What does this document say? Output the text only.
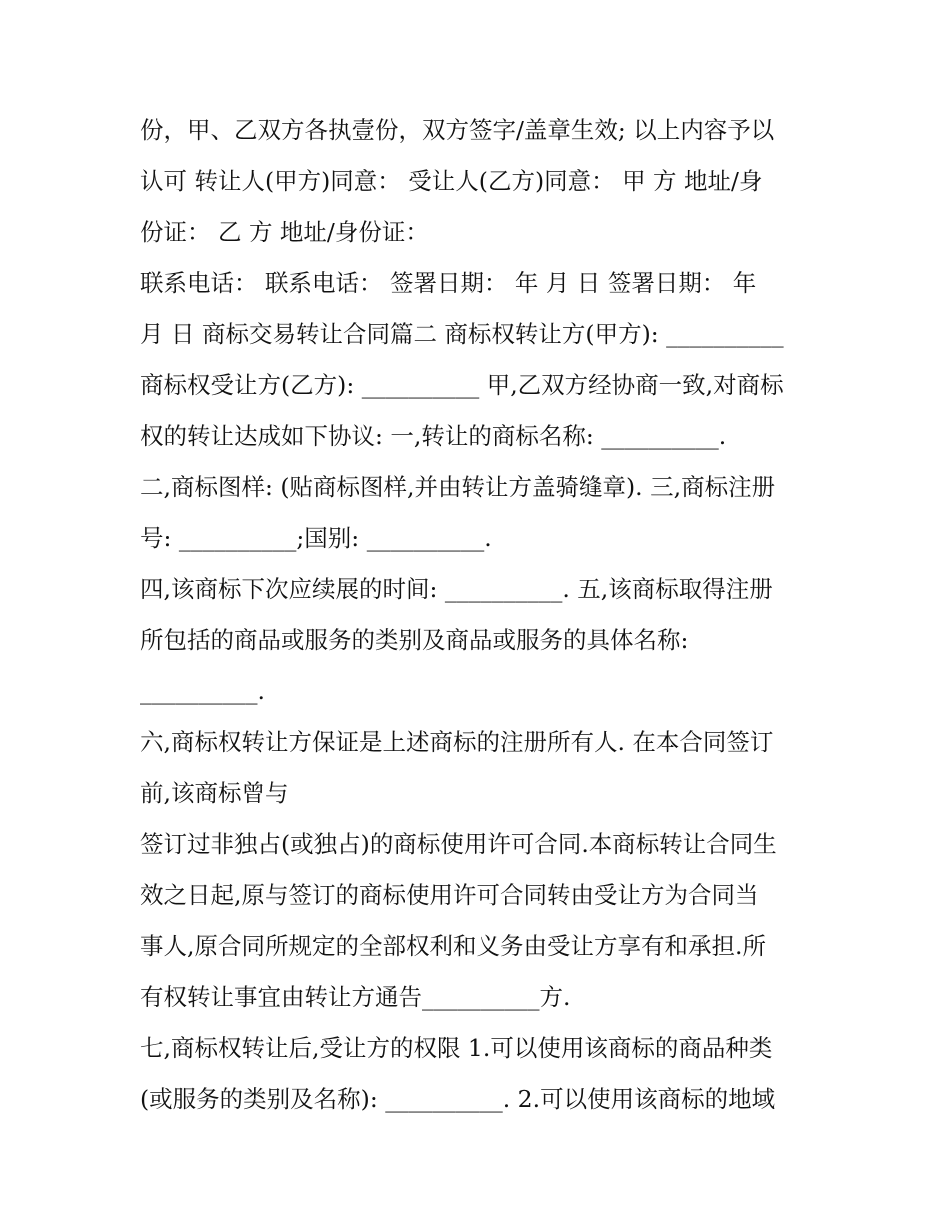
份，甲、乙双方各执壹份，双方签字/盖章生效; 以上内容予以
认可 转让人(甲方)同意： 受让人(乙方)同意： 甲 方 地址/身
份证： 乙 方 地址/身份证：
联系电话： 联系电话： 签署日期： 年 月 日 签署日期： 年
月 日 商标交易转让合同篇二 商标权转让方(甲方): __________
商标权受让方(乙方): __________ 甲,乙双方经协商一致,对商标
权的转让达成如下协议: 一,转让的商标名称: __________.
二,商标图样: (贴商标图样,并由转让方盖骑缝章). 三,商标注册
号: __________;国别: __________.
四,该商标下次应续展的时间: __________. 五,该商标取得注册
所包括的商品或服务的类别及商品或服务的具体名称:
__________.
六,商标权转让方保证是上述商标的注册所有人. 在本合同签订
前,该商标曾与
签订过非独占(或独占)的商标使用许可合同.本商标转让合同生
效之日起,原与签订的商标使用许可合同转由受让方为合同当
事人,原合同所规定的全部权利和义务由受让方享有和承担.所
有权转让事宜由转让方通告__________方.
七,商标权转让后,受让方的权限 1.可以使用该商标的商品种类
(或服务的类别及名称): __________. 2.可以使用该商标的地域
